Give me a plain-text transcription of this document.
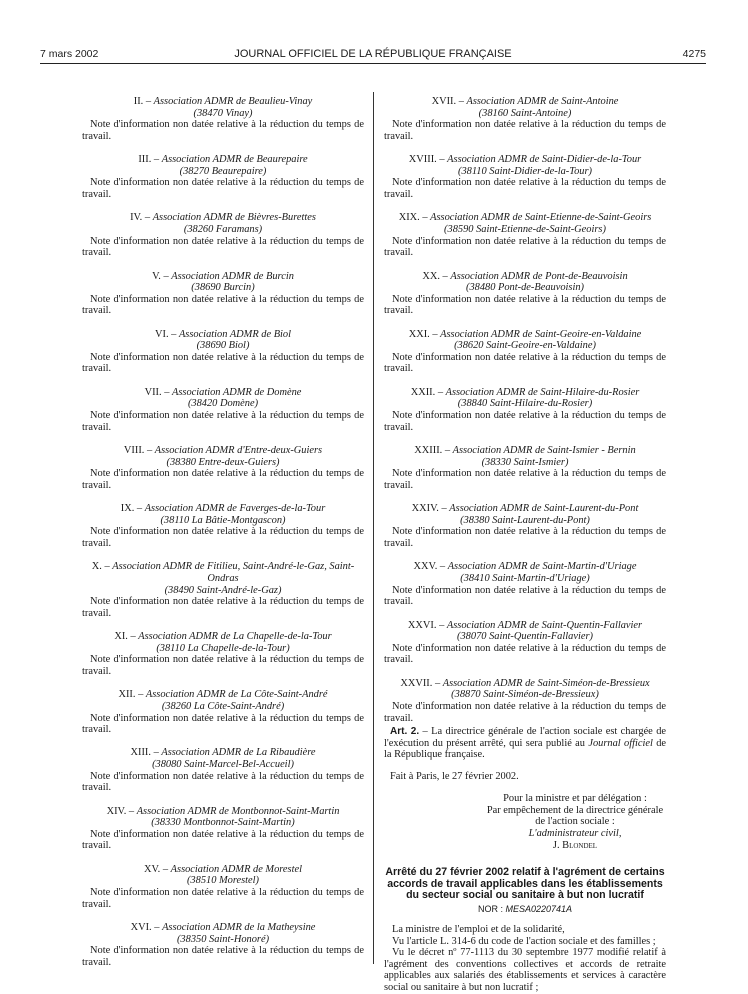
7 mars 2002	JOURNAL OFFICIEL DE LA RÉPUBLIQUE FRANÇAISE	4275
II. – Association ADMR de Beaulieu-Vinay
(38470 Vinay)
Note d'information non datée relative à la réduction du temps de travail.
III. – Association ADMR de Beaurepaire
(38270 Beaurepaire)
Note d'information non datée relative à la réduction du temps de travail.
IV. – Association ADMR de Bièvres-Burettes
(38260 Faramans)
Note d'information non datée relative à la réduction du temps de travail.
V. – Association ADMR de Burcin
(38690 Burcin)
Note d'information non datée relative à la réduction du temps de travail.
VI. – Association ADMR de Biol
(38690 Biol)
Note d'information non datée relative à la réduction du temps de travail.
VII. – Association ADMR de Domène
(38420 Domène)
Note d'information non datée relative à la réduction du temps de travail.
VIII. – Association ADMR d'Entre-deux-Guiers
(38380 Entre-deux-Guiers)
Note d'information non datée relative à la réduction du temps de travail.
IX. – Association ADMR de Faverges-de-la-Tour
(38110 La Bâtie-Montgascon)
Note d'information non datée relative à la réduction du temps de travail.
X. – Association ADMR de Fitilieu, Saint-André-le-Gaz, Saint-Ondras
(38490 Saint-André-le-Gaz)
Note d'information non datée relative à la réduction du temps de travail.
XI. – Association ADMR de La Chapelle-de-la-Tour
(38110 La Chapelle-de-la-Tour)
Note d'information non datée relative à la réduction du temps de travail.
XII. – Association ADMR de La Côte-Saint-André
(38260 La Côte-Saint-André)
Note d'information non datée relative à la réduction du temps de travail.
XIII. – Association ADMR de La Ribaudière
(38080 Saint-Marcel-Bel-Accueil)
Note d'information non datée relative à la réduction du temps de travail.
XIV. – Association ADMR de Montbonnot-Saint-Martin
(38330 Montbonnot-Saint-Martin)
Note d'information non datée relative à la réduction du temps de travail.
XV. – Association ADMR de Morestel
(38510 Morestel)
Note d'information non datée relative à la réduction du temps de travail.
XVI. – Association ADMR de la Matheysine
(38350 Saint-Honoré)
Note d'information non datée relative à la réduction du temps de travail.
XVII. – Association ADMR de Saint-Antoine
(38160 Saint-Antoine)
Note d'information non datée relative à la réduction du temps de travail.
XVIII. – Association ADMR de Saint-Didier-de-la-Tour
(38110 Saint-Didier-de-la-Tour)
Note d'information non datée relative à la réduction du temps de travail.
XIX. – Association ADMR de Saint-Etienne-de-Saint-Geoirs
(38590 Saint-Etienne-de-Saint-Geoirs)
Note d'information non datée relative à la réduction du temps de travail.
XX. – Association ADMR de Pont-de-Beauvoisin
(38480 Pont-de-Beauvoisin)
Note d'information non datée relative à la réduction du temps de travail.
XXI. – Association ADMR de Saint-Geoire-en-Valdaine
(38620 Saint-Geoire-en-Valdaine)
Note d'information non datée relative à la réduction du temps de travail.
XXII. – Association ADMR de Saint-Hilaire-du-Rosier
(38840 Saint-Hilaire-du-Rosier)
Note d'information non datée relative à la réduction du temps de travail.
XXIII. – Association ADMR de Saint-Ismier - Bernin
(38330 Saint-Ismier)
Note d'information non datée relative à la réduction du temps de travail.
XXIV. – Association ADMR de Saint-Laurent-du-Pont
(38380 Saint-Laurent-du-Pont)
Note d'information non datée relative à la réduction du temps de travail.
XXV. – Association ADMR de Saint-Martin-d'Uriage
(38410 Saint-Martin-d'Uriage)
Note d'information non datée relative à la réduction du temps de travail.
XXVI. – Association ADMR de Saint-Quentin-Fallavier
(38070 Saint-Quentin-Fallavier)
Note d'information non datée relative à la réduction du temps de travail.
XXVII. – Association ADMR de Saint-Siméon-de-Bressieux
(38870 Saint-Siméon-de-Bressieux)
Note d'information non datée relative à la réduction du temps de travail.

Art. 2. – La directrice générale de l'action sociale est chargée de l'exécution du présent arrêté, qui sera publié au Journal officiel de la République française.

Fait à Paris, le 27 février 2002.

Pour la ministre et par délégation :
Par empêchement de la directrice générale
de l'action sociale :
L'administrateur civil,
J. Blondel
Arrêté du 27 février 2002 relatif à l'agrément de certains accords de travail applicables dans les établissements du secteur social ou sanitaire à but non lucratif
NOR : MESA0220741A
La ministre de l'emploi et de la solidarité,
Vu l'article L. 314-6 du code de l'action sociale et des familles ;
Vu le décret nº 77-1113 du 30 septembre 1977 modifié relatif à l'agrément des conventions collectives et accords de retraite applicables aux salariés des établissements et services à caractère social ou sanitaire à but non lucratif ;
